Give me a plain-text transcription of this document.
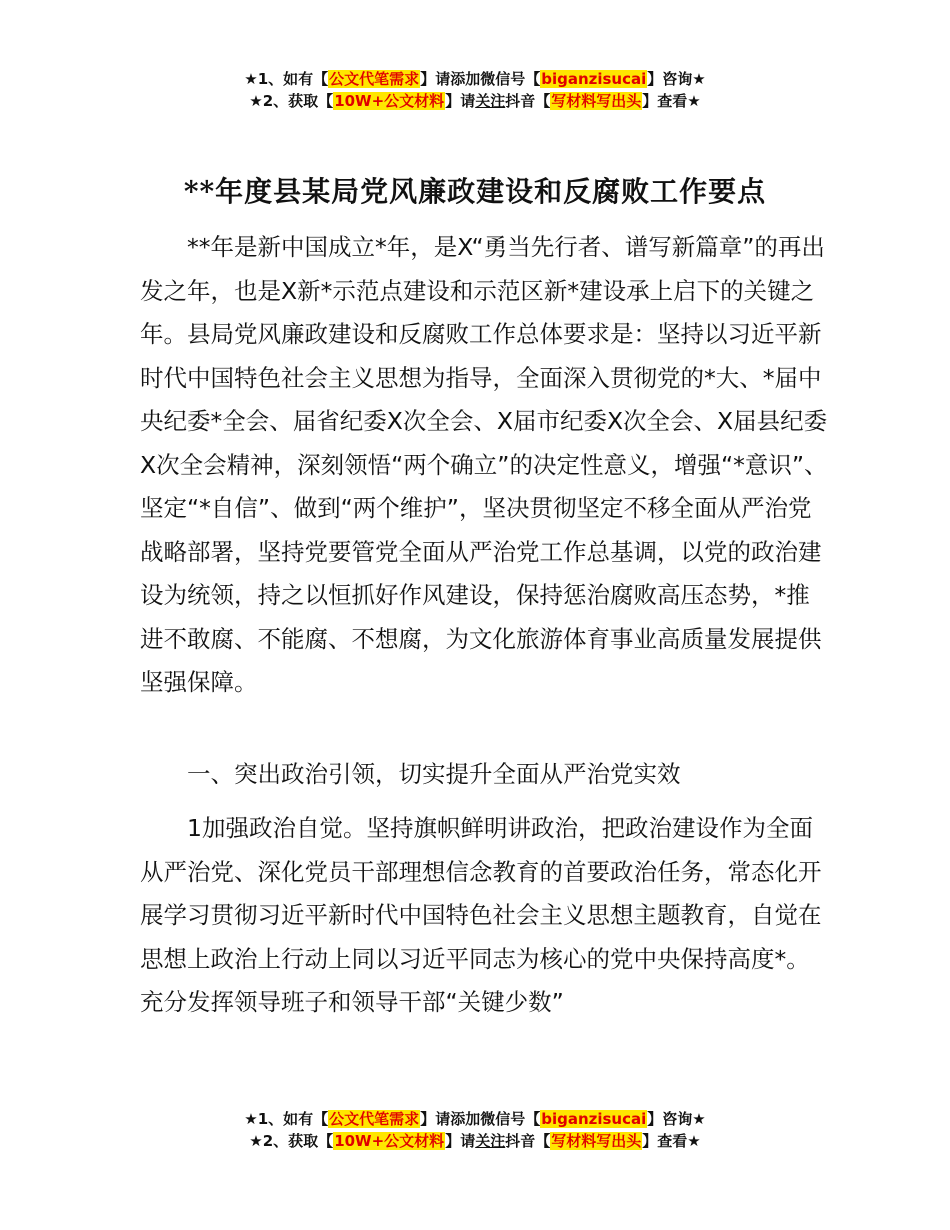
★1、如有【公文代笔需求】请添加微信号【biganzisucai】咨询★
★2、获取【10W+公文材料】请关注抖音【写材料写出头】查看★
**年度县某局党风廉政建设和反腐败工作要点

**年是新中国成立*年，是X“勇当先行者、谱写新篇章”的再出发之年，也是X新*示范点建设和示范区新*建设承上启下的关键之年。县局党风廉政建设和反腐败工作总体要求是：坚持以习近平新时代中国特色社会主义思想为指导，全面深入贯彻党的*大、*届中央纪委*全会、届省纪委X次全会、X届市纪委X次全会、X届县纪委X次全会精神，深刻领悟“两个确立”的决定性意义，增强“*意识”、坚定“*自信”、做到“两个维护”，坚决贯彻坚定不移全面从严治党战略部署，坚持党要管党全面从严治党工作总基调，以党的政治建设为统领，持之以恒抓好作风建设，保持惩治腐败高压态势，*推进不敢腐、不能腐、不想腐，为文化旅游体育事业高质量发展提供坚强保障。

一、突出政治引领，切实提升全面从严治党实效

1加强政治自觉。坚持旗帜鲜明讲政治，把政治建设作为全面从严治党、深化党员干部理想信念教育的首要政治任务，常态化开展学习贯彻习近平新时代中国特色社会主义思想主题教育，自觉在思想上政治上行动上同以习近平同志为核心的党中央保持高度*。充分发挥领导班子和领导干部“关键少数”

★1、如有【公文代笔需求】请添加微信号【biganzisucai】咨询★
★2、获取【10W+公文材料】请关注抖音【写材料写出头】查看★
